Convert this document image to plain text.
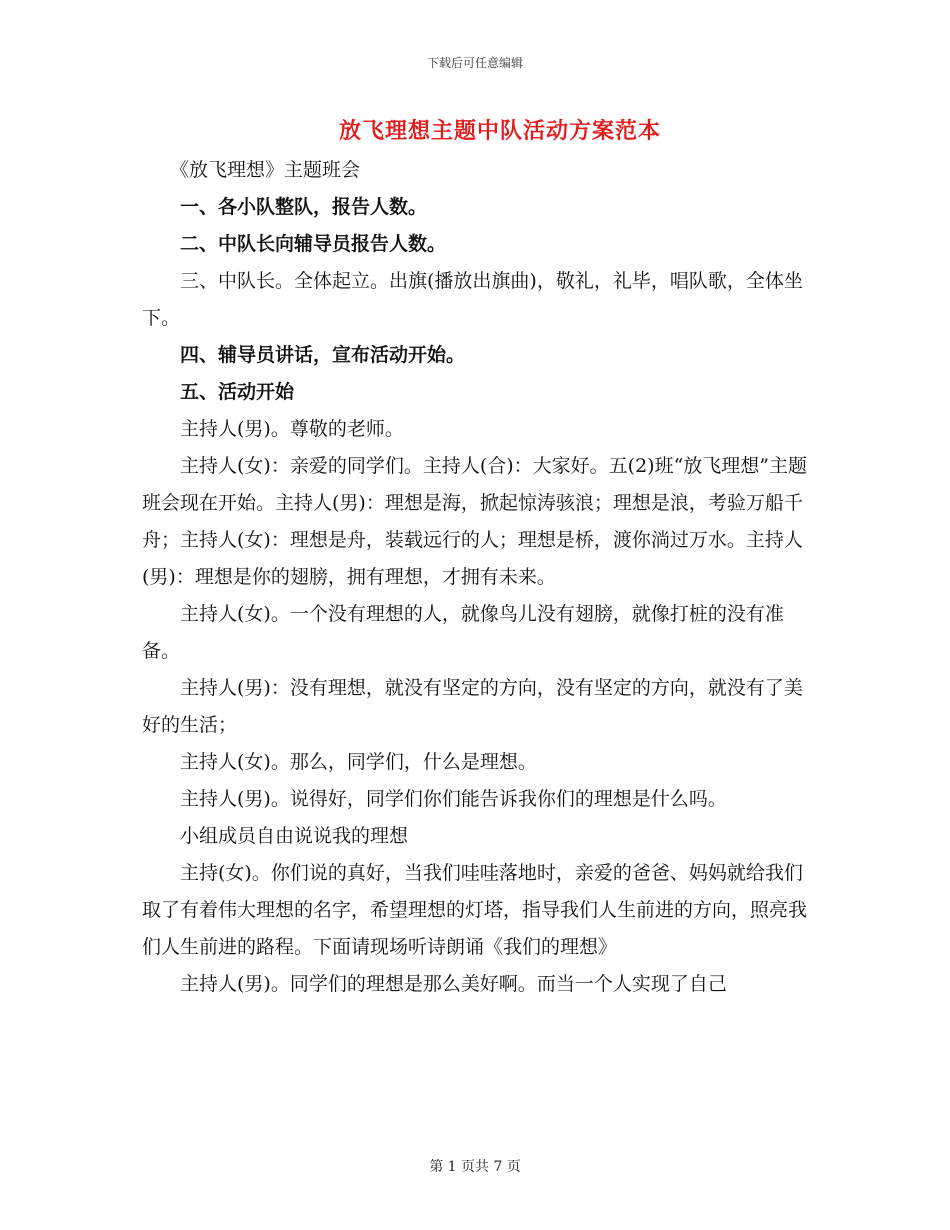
下载后可任意编辑
放飞理想主题中队活动方案范本

《放飞理想》主题班会

一、各小队整队，报告人数。

二、中队长向辅导员报告人数。

三、中队长。全体起立。出旗(播放出旗曲)，敬礼，礼毕，唱队歌，全体坐下。

四、辅导员讲话，宣布活动开始。

五、活动开始

主持人(男)。尊敬的老师。

主持人(女)：亲爱的同学们。主持人(合)：大家好。五(2)班“放飞理想”主题班会现在开始。主持人(男)：理想是海，掀起惊涛骇浪；理想是浪，考验万船千舟；主持人(女)：理想是舟，装载远行的人；理想是桥，渡你淌过万水。主持人(男)：理想是你的翅膀，拥有理想，才拥有未来。

主持人(女)。一个没有理想的人，就像鸟儿没有翅膀，就像打桩的没有准备。

主持人(男)：没有理想，就没有坚定的方向，没有坚定的方向，就没有了美好的生活；

主持人(女)。那么，同学们，什么是理想。

主持人(男)。说得好，同学们你们能告诉我你们的理想是什么吗。

小组成员自由说说我的理想

主持(女)。你们说的真好，当我们哇哇落地时，亲爱的爸爸、妈妈就给我们取了有着伟大理想的名字，希望理想的灯塔，指导我们人生前进的方向，照亮我们人生前进的路程。下面请现场听诗朗诵《我们的理想》

主持人(男)。同学们的理想是那么美好啊。而当一个人实现了自己

第 1 页共 7 页
